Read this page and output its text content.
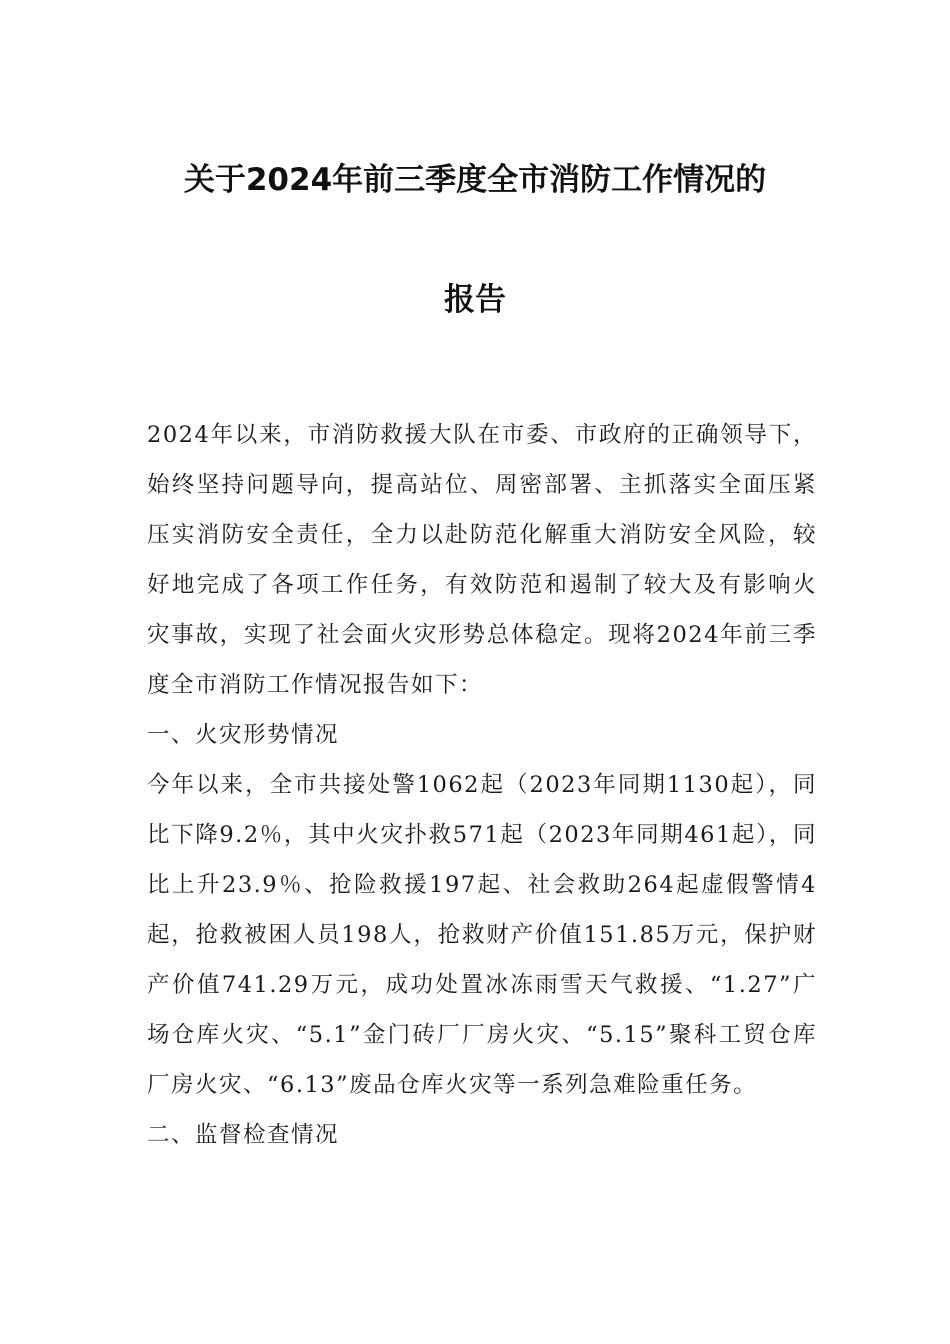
关于2024年前三季度全市消防工作情况的
报告

2024年以来，市消防救援大队在市委、市政府的正确领导下，始终坚持问题导向，提高站位、周密部署、主抓落实全面压紧压实消防安全责任，全力以赴防范化解重大消防安全风险，较好地完成了各项工作任务，有效防范和遏制了较大及有影响火灾事故，实现了社会面火灾形势总体稳定。现将2024年前三季度全市消防工作情况报告如下：

一、火灾形势情况

今年以来，全市共接处警1062起（2023年同期1130起），同比下降9.2％，其中火灾扑救571起（2023年同期461起），同比上升23.9％、抢险救援197起、社会救助264起虚假警情4起，抢救被困人员198人，抢救财产价值151.85万元，保护财产价值741.29万元，成功处置冰冻雨雪天气救援、“1.27”广场仓库火灾、“5.1”金门砖厂厂房火灾、“5.15”聚科工贸仓库厂房火灾、“6.13”废品仓库火灾等一系列急难险重任务。

二、监督检查情况
